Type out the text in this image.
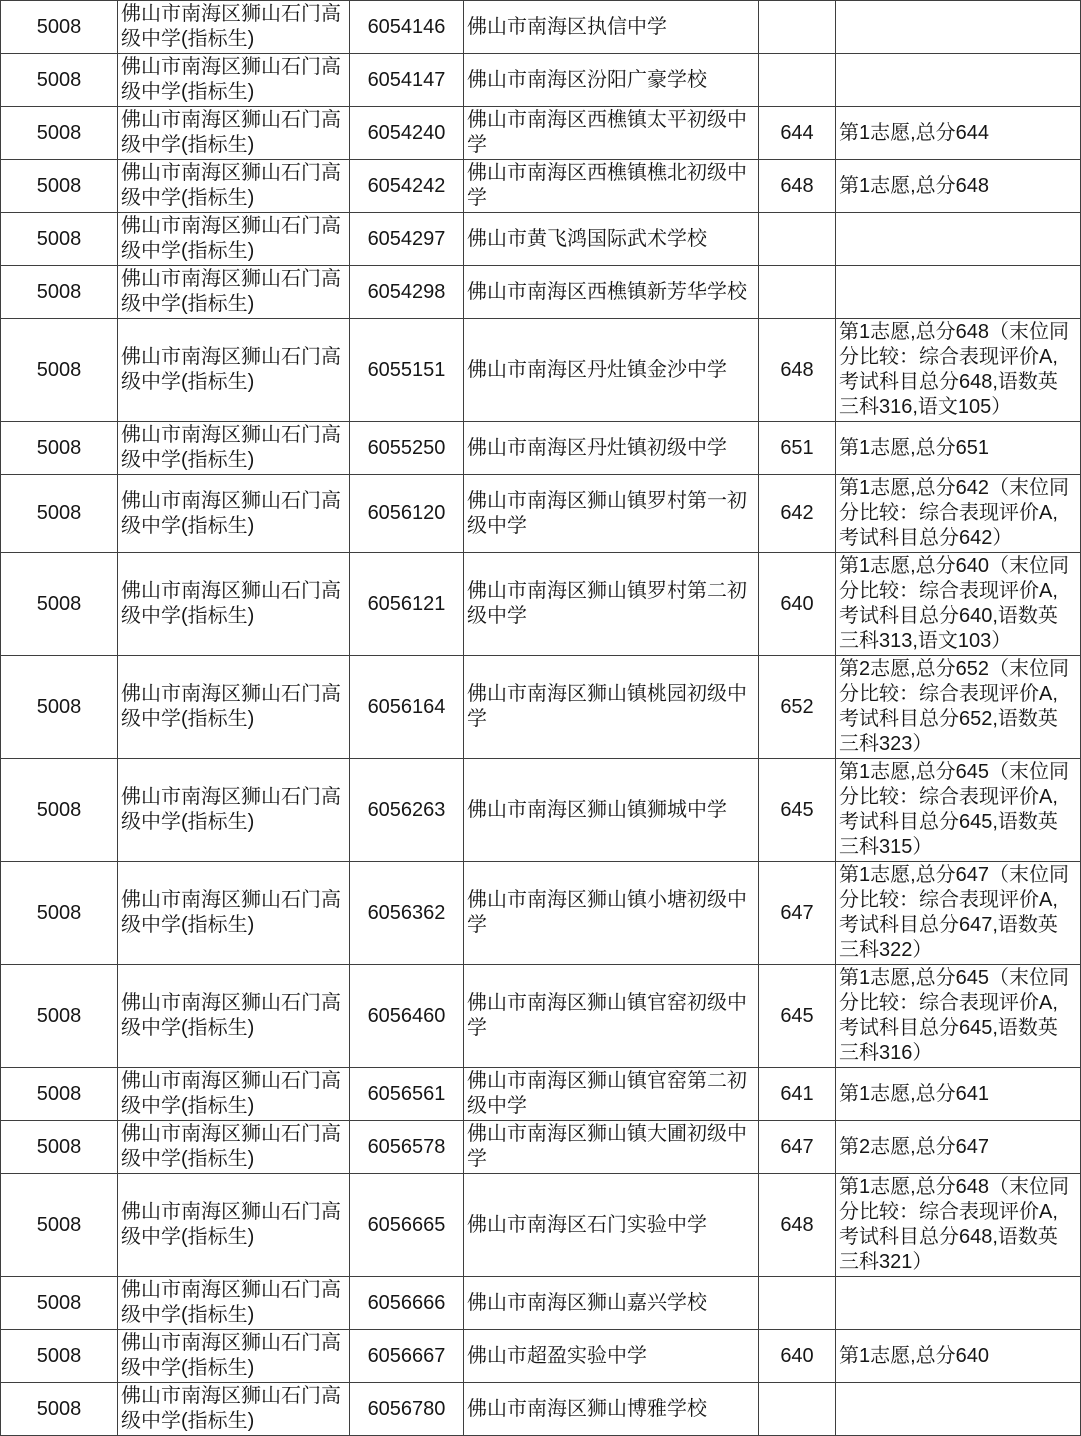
5008	佛山市南海区狮山石门高级中学(指标生)	6054146	佛山市南海区执信中学		
5008	佛山市南海区狮山石门高级中学(指标生)	6054147	佛山市南海区汾阳广豪学校		
5008	佛山市南海区狮山石门高级中学(指标生)	6054240	佛山市南海区西樵镇太平初级中学	644	第1志愿,总分644
5008	佛山市南海区狮山石门高级中学(指标生)	6054242	佛山市南海区西樵镇樵北初级中学	648	第1志愿,总分648
5008	佛山市南海区狮山石门高级中学(指标生)	6054297	佛山市黄飞鸿国际武术学校		
5008	佛山市南海区狮山石门高级中学(指标生)	6054298	佛山市南海区西樵镇新芳华学校		
5008	佛山市南海区狮山石门高级中学(指标生)	6055151	佛山市南海区丹灶镇金沙中学	648	第1志愿,总分648（末位同分比较：综合表现评价A,考试科目总分648,语数英三科316,语文105）
5008	佛山市南海区狮山石门高级中学(指标生)	6055250	佛山市南海区丹灶镇初级中学	651	第1志愿,总分651
5008	佛山市南海区狮山石门高级中学(指标生)	6056120	佛山市南海区狮山镇罗村第一初级中学	642	第1志愿,总分642（末位同分比较：综合表现评价A,考试科目总分642）
5008	佛山市南海区狮山石门高级中学(指标生)	6056121	佛山市南海区狮山镇罗村第二初级中学	640	第1志愿,总分640（末位同分比较：综合表现评价A,考试科目总分640,语数英三科313,语文103）
5008	佛山市南海区狮山石门高级中学(指标生)	6056164	佛山市南海区狮山镇桃园初级中学	652	第2志愿,总分652（末位同分比较：综合表现评价A,考试科目总分652,语数英三科323）
5008	佛山市南海区狮山石门高级中学(指标生)	6056263	佛山市南海区狮山镇狮城中学	645	第1志愿,总分645（末位同分比较：综合表现评价A,考试科目总分645,语数英三科315）
5008	佛山市南海区狮山石门高级中学(指标生)	6056362	佛山市南海区狮山镇小塘初级中学	647	第1志愿,总分647（末位同分比较：综合表现评价A,考试科目总分647,语数英三科322）
5008	佛山市南海区狮山石门高级中学(指标生)	6056460	佛山市南海区狮山镇官窑初级中学	645	第1志愿,总分645（末位同分比较：综合表现评价A,考试科目总分645,语数英三科316）
5008	佛山市南海区狮山石门高级中学(指标生)	6056561	佛山市南海区狮山镇官窑第二初级中学	641	第1志愿,总分641
5008	佛山市南海区狮山石门高级中学(指标生)	6056578	佛山市南海区狮山镇大圃初级中学	647	第2志愿,总分647
5008	佛山市南海区狮山石门高级中学(指标生)	6056665	佛山市南海区石门实验中学	648	第1志愿,总分648（末位同分比较：综合表现评价A,考试科目总分648,语数英三科321）
5008	佛山市南海区狮山石门高级中学(指标生)	6056666	佛山市南海区狮山嘉兴学校		
5008	佛山市南海区狮山石门高级中学(指标生)	6056667	佛山市超盈实验中学	640	第1志愿,总分640
5008	佛山市南海区狮山石门高级中学(指标生)	6056780	佛山市南海区狮山博雅学校		
